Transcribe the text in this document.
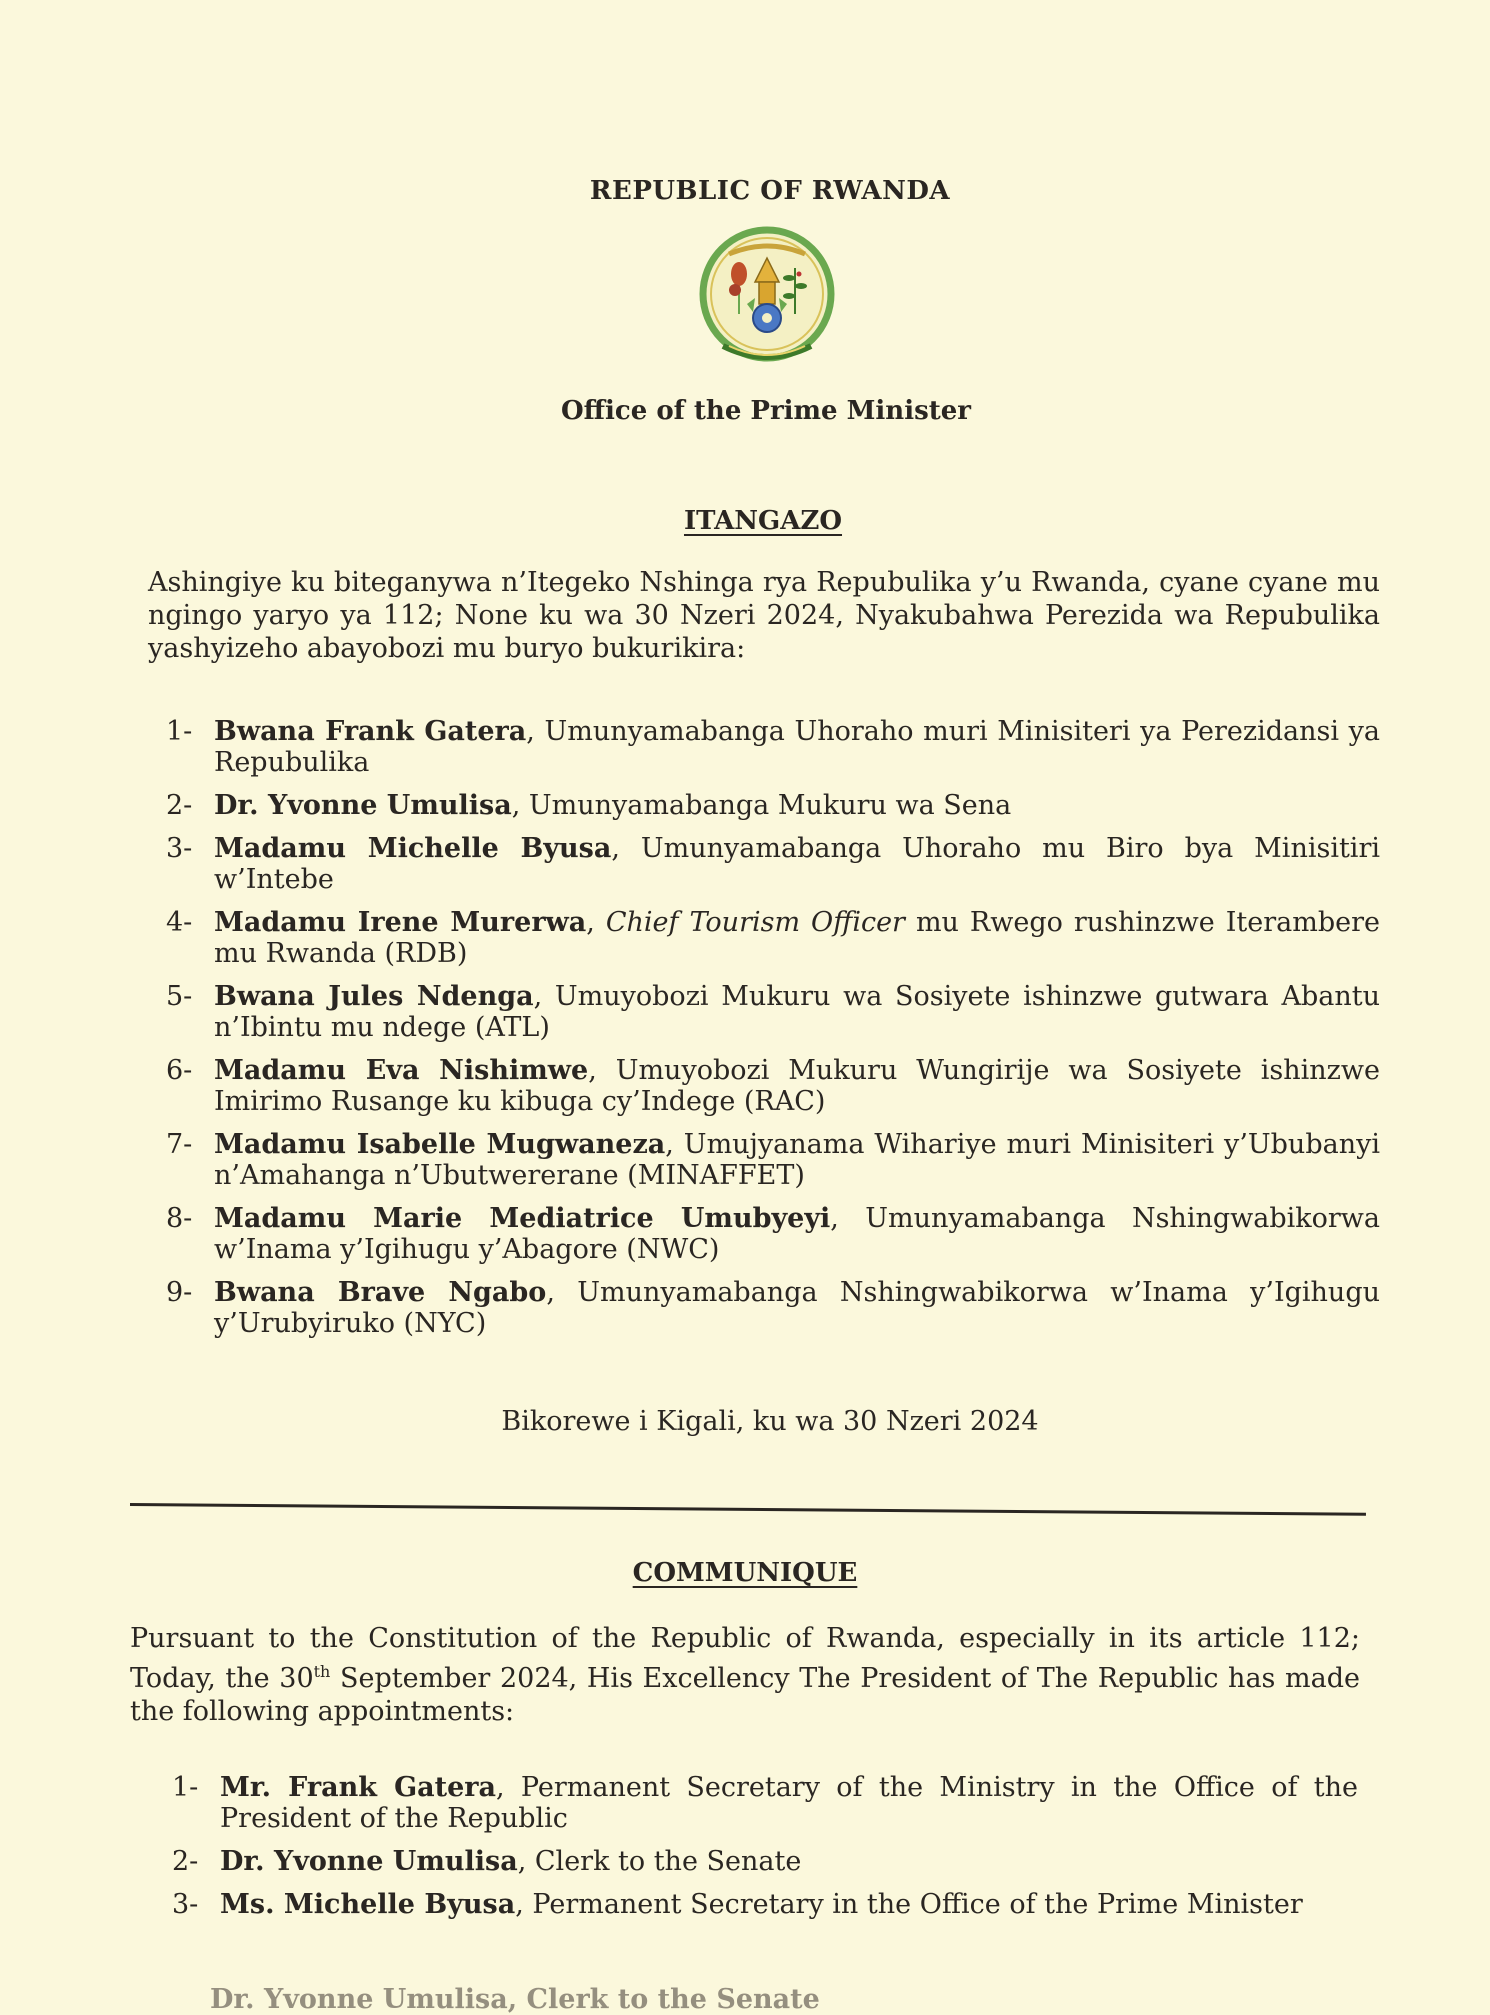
REPUBLIC OF RWANDA
Office of the Prime Minister
ITANGAZO
Ashingiye ku biteganywa n’Itegeko Nshinga rya Repubulika y’u Rwanda, cyane cyane mu ngingo yaryo ya 112; None ku wa 30 Nzeri 2024, Nyakubahwa Perezida wa Repubulika yashyizeho abayobozi mu buryo bukurikira:
1- Bwana Frank Gatera, Umunyamabanga Uhoraho muri Minisiteri ya Perezidansi ya Repubulika
2- Dr. Yvonne Umulisa, Umunyamabanga Mukuru wa Sena
3- Madamu Michelle Byusa, Umunyamabanga Uhoraho mu Biro bya Minisitiri w’Intebe
4- Madamu Irene Murerwa, Chief Tourism Officer mu Rwego rushinzwe Iterambere mu Rwanda (RDB)
5- Bwana Jules Ndenga, Umuyobozi Mukuru wa Sosiyete ishinzwe gutwara Abantu n’Ibintu mu ndege (ATL)
6- Madamu Eva Nishimwe, Umuyobozi Mukuru Wungirije wa Sosiyete ishinzwe Imirimo Rusange ku kibuga cy’Indege (RAC)
7- Madamu Isabelle Mugwaneza, Umujyanama Wihariye muri Minisiteri y’Ububanyi n’Amahanga n’Ubutwererane (MINAFFET)
8- Madamu Marie Mediatrice Umubyeyi, Umunyamabanga Nshingwabikorwa w’Inama y’Igihugu y’Abagore (NWC)
9- Bwana Brave Ngabo, Umunyamabanga Nshingwabikorwa w’Inama y’Igihugu y’Urubyiruko (NYC)
Bikorewe i Kigali, ku wa 30 Nzeri 2024
COMMUNIQUE
Pursuant to the Constitution of the Republic of Rwanda, especially in its article 112; Today, the 30th September 2024, His Excellency The President of The Republic has made the following appointments:
1- Mr. Frank Gatera, Permanent Secretary of the Ministry in the Office of the President of the Republic
2- Dr. Yvonne Umulisa, Clerk to the Senate
3- Ms. Michelle Byusa, Permanent Secretary in the Office of the Prime Minister
Dr. Yvonne Umulisa, Clerk to the Senate
